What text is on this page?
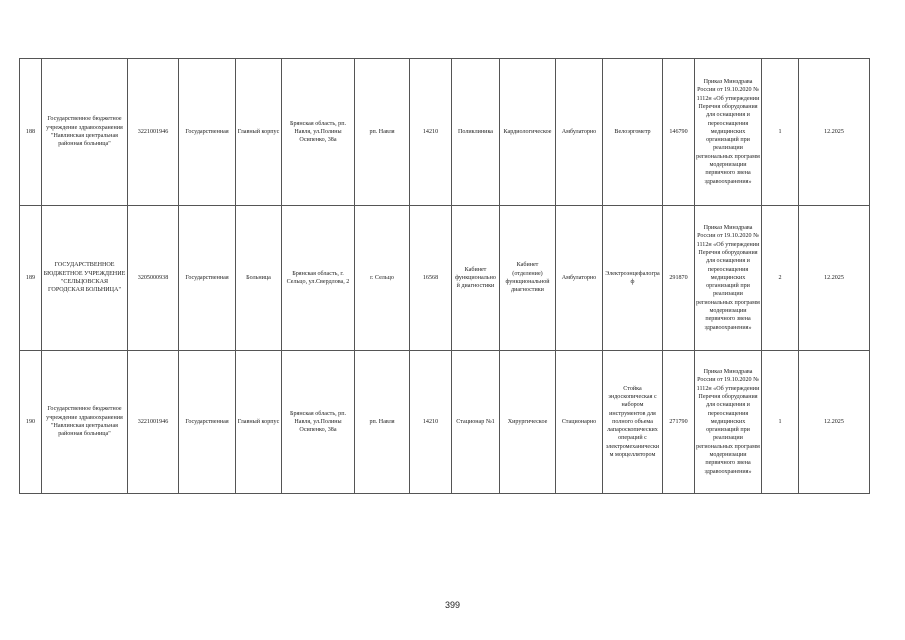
188	Государственное бюджетное учреждение здравоохранения "Навлинская центральная районная больница"	3221001946	Государственная	Главный корпус	Брянская область, рп. Навля, ул.Полины Осипенко, 38а	рп. Навля	14210	Поликлиника	Кардиологическое	Амбулаторно	Велоэргометр	146790	Приказ Минздрава России от 19.10.2020 № 1112н «Об утверждении Перечня оборудования для оснащения и переоснащения медицинских организаций при реализации региональных программ модернизации первичного звена здравоохранения»	1	12.2025
189	ГОСУДАРСТВЕННОЕ БЮДЖЕТНОЕ УЧРЕЖДЕНИЕ "СЕЛЬЦОВСКАЯ ГОРОДСКАЯ БОЛЬНИЦА"	3205000938	Государственная	Больница	Брянская область, г. Сельцо, ул.Свердлова, 2	г. Сельцо	16568	Кабинет функционально й диагностики	Кабинет (отделение) функциональной диагностики	Амбулаторно	Электроэнцефалограф	291870	Приказ Минздрава России от 19.10.2020 № 1112н «Об утверждении Перечня оборудования для оснащения и переоснащения медицинских организаций при реализации региональных программ модернизации первичного звена здравоохранения»	2	12.2025
190	Государственное бюджетное учреждение здравоохранения "Навлинская центральная районная больница"	3221001946	Государственная	Главный корпус	Брянская область, рп. Навля, ул.Полины Осипенко, 38а	рп. Навля	14210	Стационар №1	Хирургическое	Стационарно	Стойка эндоскопическая с набором инструментов для полного объема лапароскопических операций с электромеханическим морцеллятором	271790	Приказ Минздрава России от 19.10.2020 № 1112н «Об утверждении Перечня оборудования для оснащения и переоснащения медицинских организаций при реализации региональных программ модернизации первичного звена здравоохранения»	1	12.2025
399
